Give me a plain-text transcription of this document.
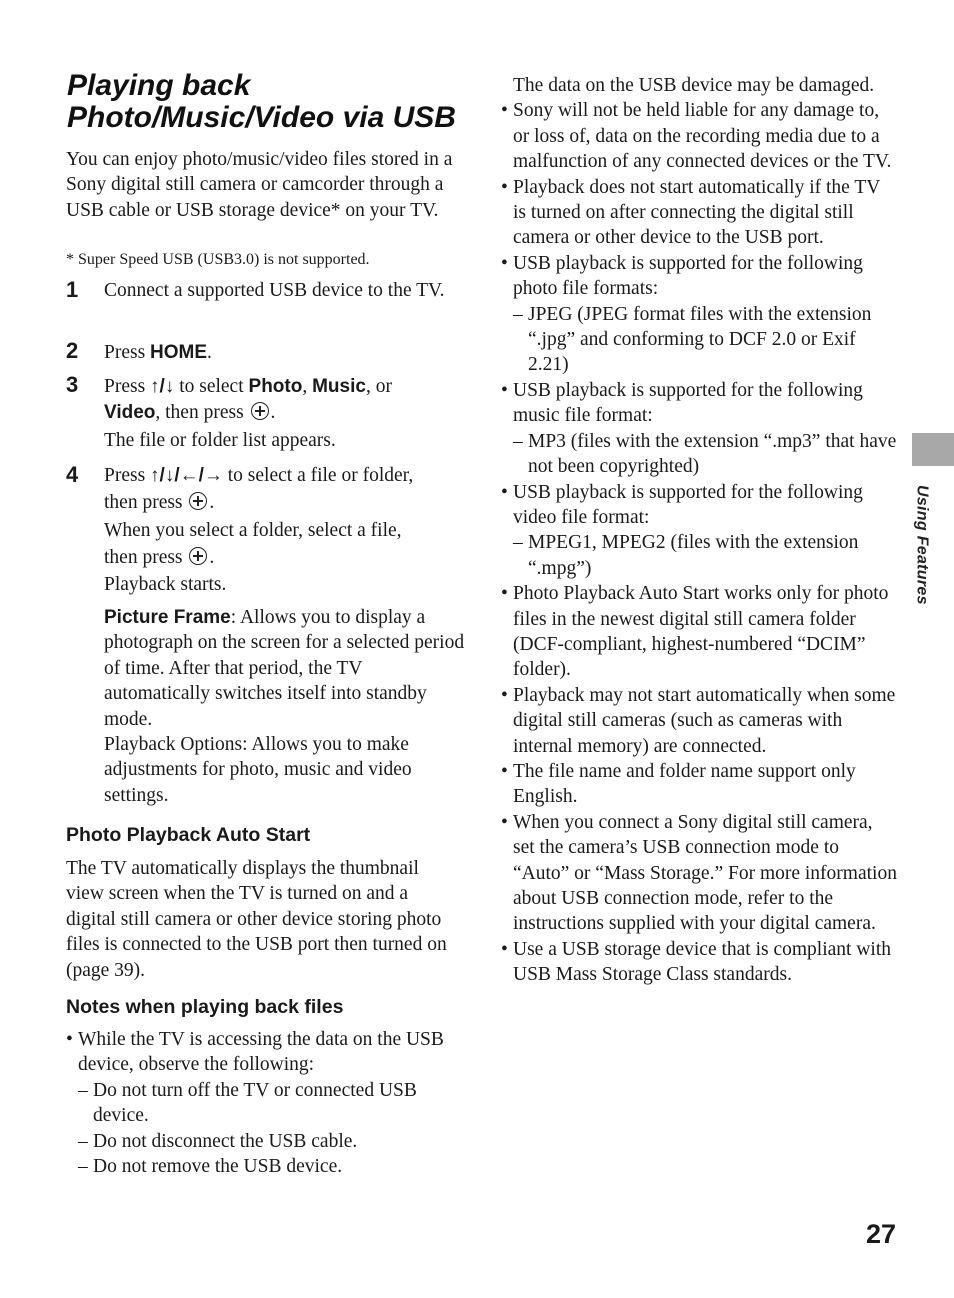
Playing back
Photo/Music/Video via USB

You can enjoy photo/music/video files stored in a Sony digital still camera or camcorder through a USB cable or USB storage device* on your TV.

* Super Speed USB (USB3.0) is not supported.
1	Connect a supported USB device to the TV.
2	Press HOME.
3	Press ↑/↓ to select Photo, Music, or
Video, then press .
The file or folder list appears.
4	Press ↑/↓/←/→ to select a file or folder,
then press .
When you select a folder, select a file,
then press .
Playback starts.
Picture Frame: Allows you to display a photograph on the screen for a selected period of time. After that period, the TV automatically switches itself into standby mode.
Playback Options: Allows you to make adjustments for photo, music and video settings.
Photo Playback Auto Start

The TV automatically displays the thumbnail view screen when the TV is turned on and a digital still camera or other device storing photo files is connected to the USB port then turned on (page 39).

Notes when playing back files
• While the TV is accessing the data on the USB device, observe the following:
– Do not turn off the TV or connected USB device.
– Do not disconnect the USB cable.
– Do not remove the USB device.
The data on the USB device may be damaged.
• Sony will not be held liable for any damage to, or loss of, data on the recording media due to a malfunction of any connected devices or the TV.
• Playback does not start automatically if the TV is turned on after connecting the digital still camera or other device to the USB port.
• USB playback is supported for the following photo file formats:
– JPEG (JPEG format files with the extension “.jpg” and conforming to DCF 2.0 or Exif 2.21)
• USB playback is supported for the following music file format:
– MP3 (files with the extension “.mp3” that have not been copyrighted)
• USB playback is supported for the following video file format:
– MPEG1, MPEG2 (files with the extension “.mpg”)
• Photo Playback Auto Start works only for photo files in the newest digital still camera folder (DCF-compliant, highest-numbered “DCIM” folder).
• Playback may not start automatically when some digital still cameras (such as cameras with internal memory) are connected.
• The file name and folder name support only English.
• When you connect a Sony digital still camera, set the camera’s USB connection mode to “Auto” or “Mass Storage.” For more information about USB connection mode, refer to the instructions supplied with your digital camera.
• Use a USB storage device that is compliant with USB Mass Storage Class standards.
Using Features
27
